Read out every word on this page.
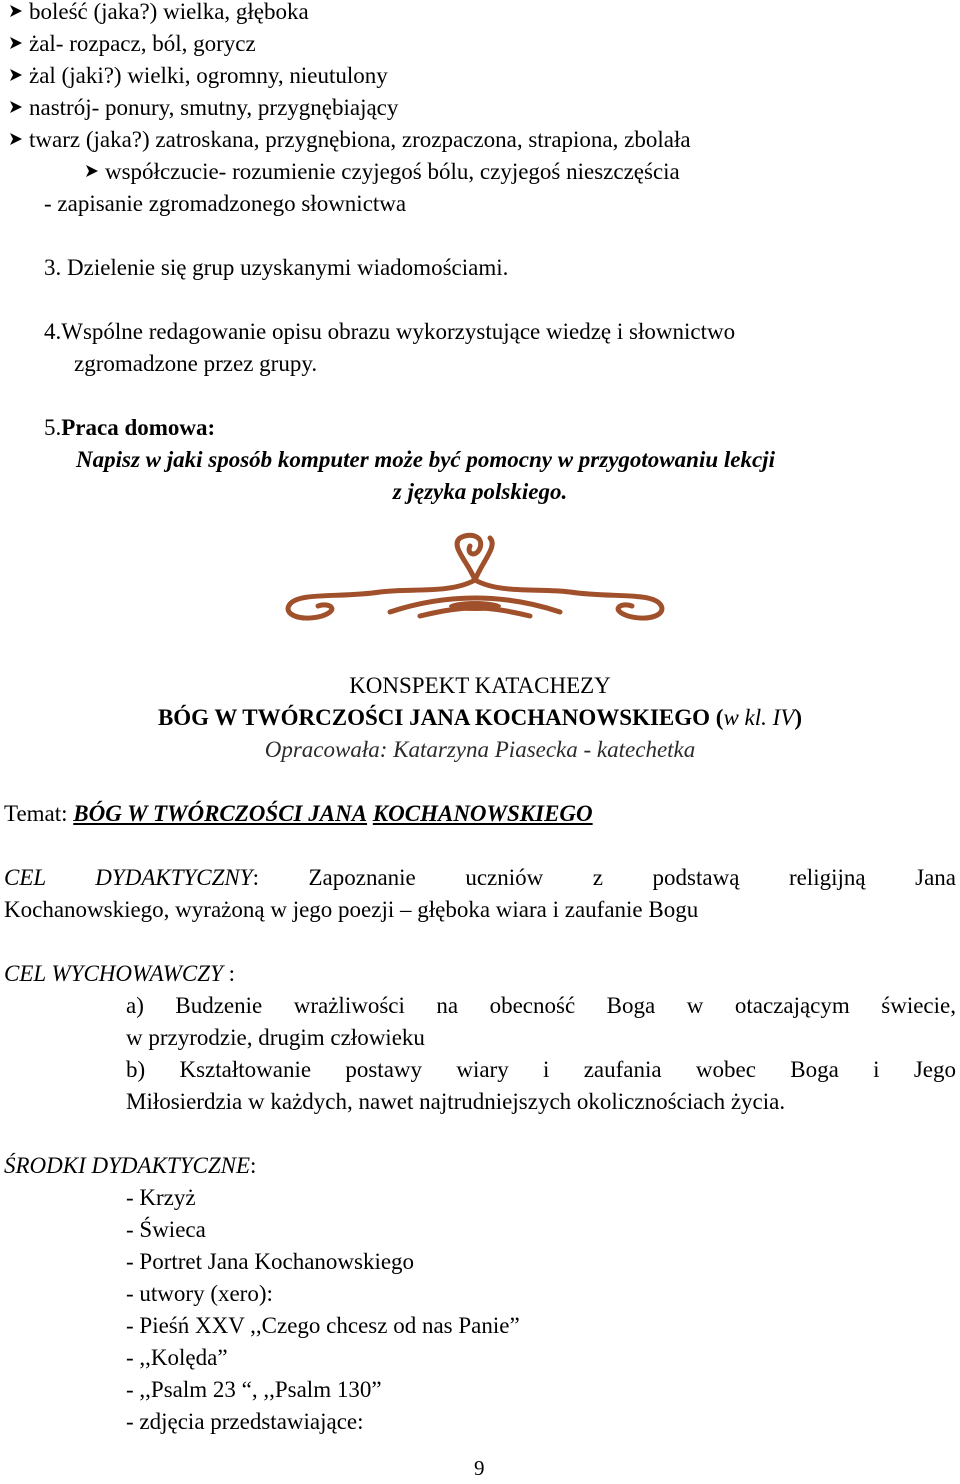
boleść (jaka?) wielka, głęboka
żal- rozpacz, ból, gorycz
żal (jaki?) wielki, ogromny, nieutulony
nastrój- ponury, smutny, przygnębiający
twarz (jaka?) zatroskana, przygnębiona, zrozpaczona, strapiona, zbolała
współczucie- rozumienie czyjegoś bólu, czyjegoś nieszczęścia
- zapisanie zgromadzonego słownictwa
3. Dzielenie się grup uzyskanymi wiadomościami.
4.Wspólne redagowanie opisu obrazu wykorzystujące wiedzę i słownictwo
zgromadzone przez grupy.
5.Praca domowa:
Napisz w jaki sposób komputer może być pomocny w przygotowaniu lekcji
z języka polskiego.
KONSPEKT KATACHEZY
BÓG W TWÓRCZOŚCI JANA KOCHANOWSKIEGO (w kl. IV)
Opracowała: Katarzyna Piasecka - katechetka
Temat: BÓG W TWÓRCZOŚCI JANA KOCHANOWSKIEGO
CEL DYDAKTYCZNY: Zapoznanie uczniów z podstawą religijną Jana
Kochanowskiego, wyrażoną w jego poezji – głęboka wiara i zaufanie Bogu
CEL WYCHOWAWCZY :
a) Budzenie wrażliwości na obecność Boga w otaczającym świecie,
w przyrodzie, drugim człowieku
b) Kształtowanie postawy wiary i zaufania wobec Boga i Jego
Miłosierdzia w każdych, nawet najtrudniejszych okolicznościach życia.
ŚRODKI DYDAKTYCZNE:
- Krzyż
- Świeca
- Portret Jana Kochanowskiego
- utwory (xero):
- Pieśń XXV ,,Czego chcesz od nas Panie”
- ,,Kolęda”
- ,,Psalm 23 “, ,,Psalm 130”
- zdjęcia przedstawiające:
9
